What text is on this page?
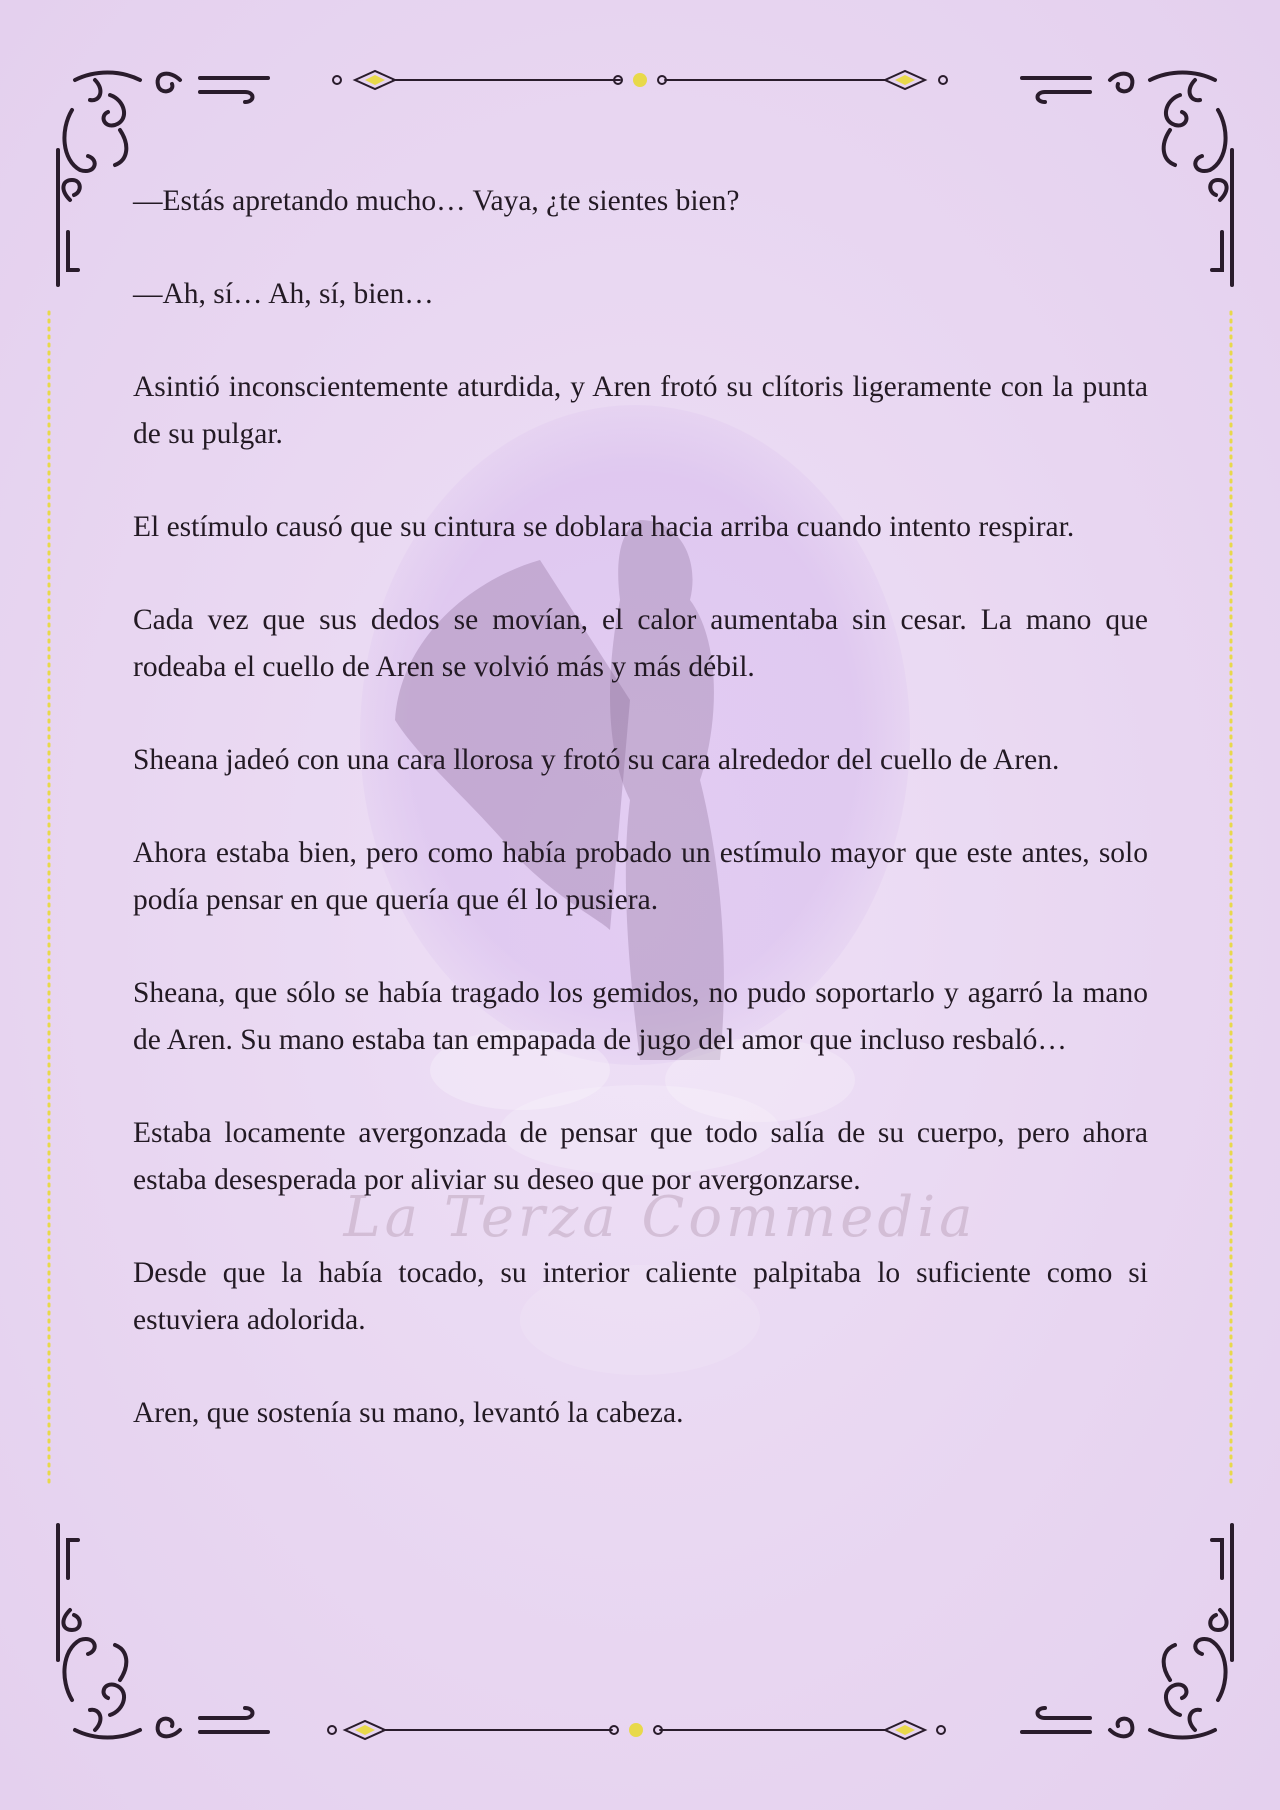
La Terza Commedia

—Estás apretando mucho… Vaya, ¿te sientes bien?

—Ah, sí… Ah, sí, bien…

Asintió inconscientemente aturdida, y Aren frotó su clítoris ligeramente con la punta de su pulgar.

El estímulo causó que su cintura se doblara hacia arriba cuando intento respirar.

Cada vez que sus dedos se movían, el calor aumentaba sin cesar. La mano que rodeaba el cuello de Aren se volvió más y más débil.

Sheana jadeó con una cara llorosa y frotó su cara alrededor del cuello de Aren.

Ahora estaba bien, pero como había probado un estímulo mayor que este antes, solo podía pensar en que quería que él lo pusiera.

Sheana, que sólo se había tragado los gemidos, no pudo soportarlo y agarró la mano de Aren. Su mano estaba tan empapada de jugo del amor que incluso resbaló…

Estaba locamente avergonzada de pensar que todo salía de su cuerpo, pero ahora estaba desesperada por aliviar su deseo que por avergonzarse.

Desde que la había tocado, su interior caliente palpitaba lo suficiente como si estuviera adolorida.

Aren, que sostenía su mano, levantó la cabeza.
